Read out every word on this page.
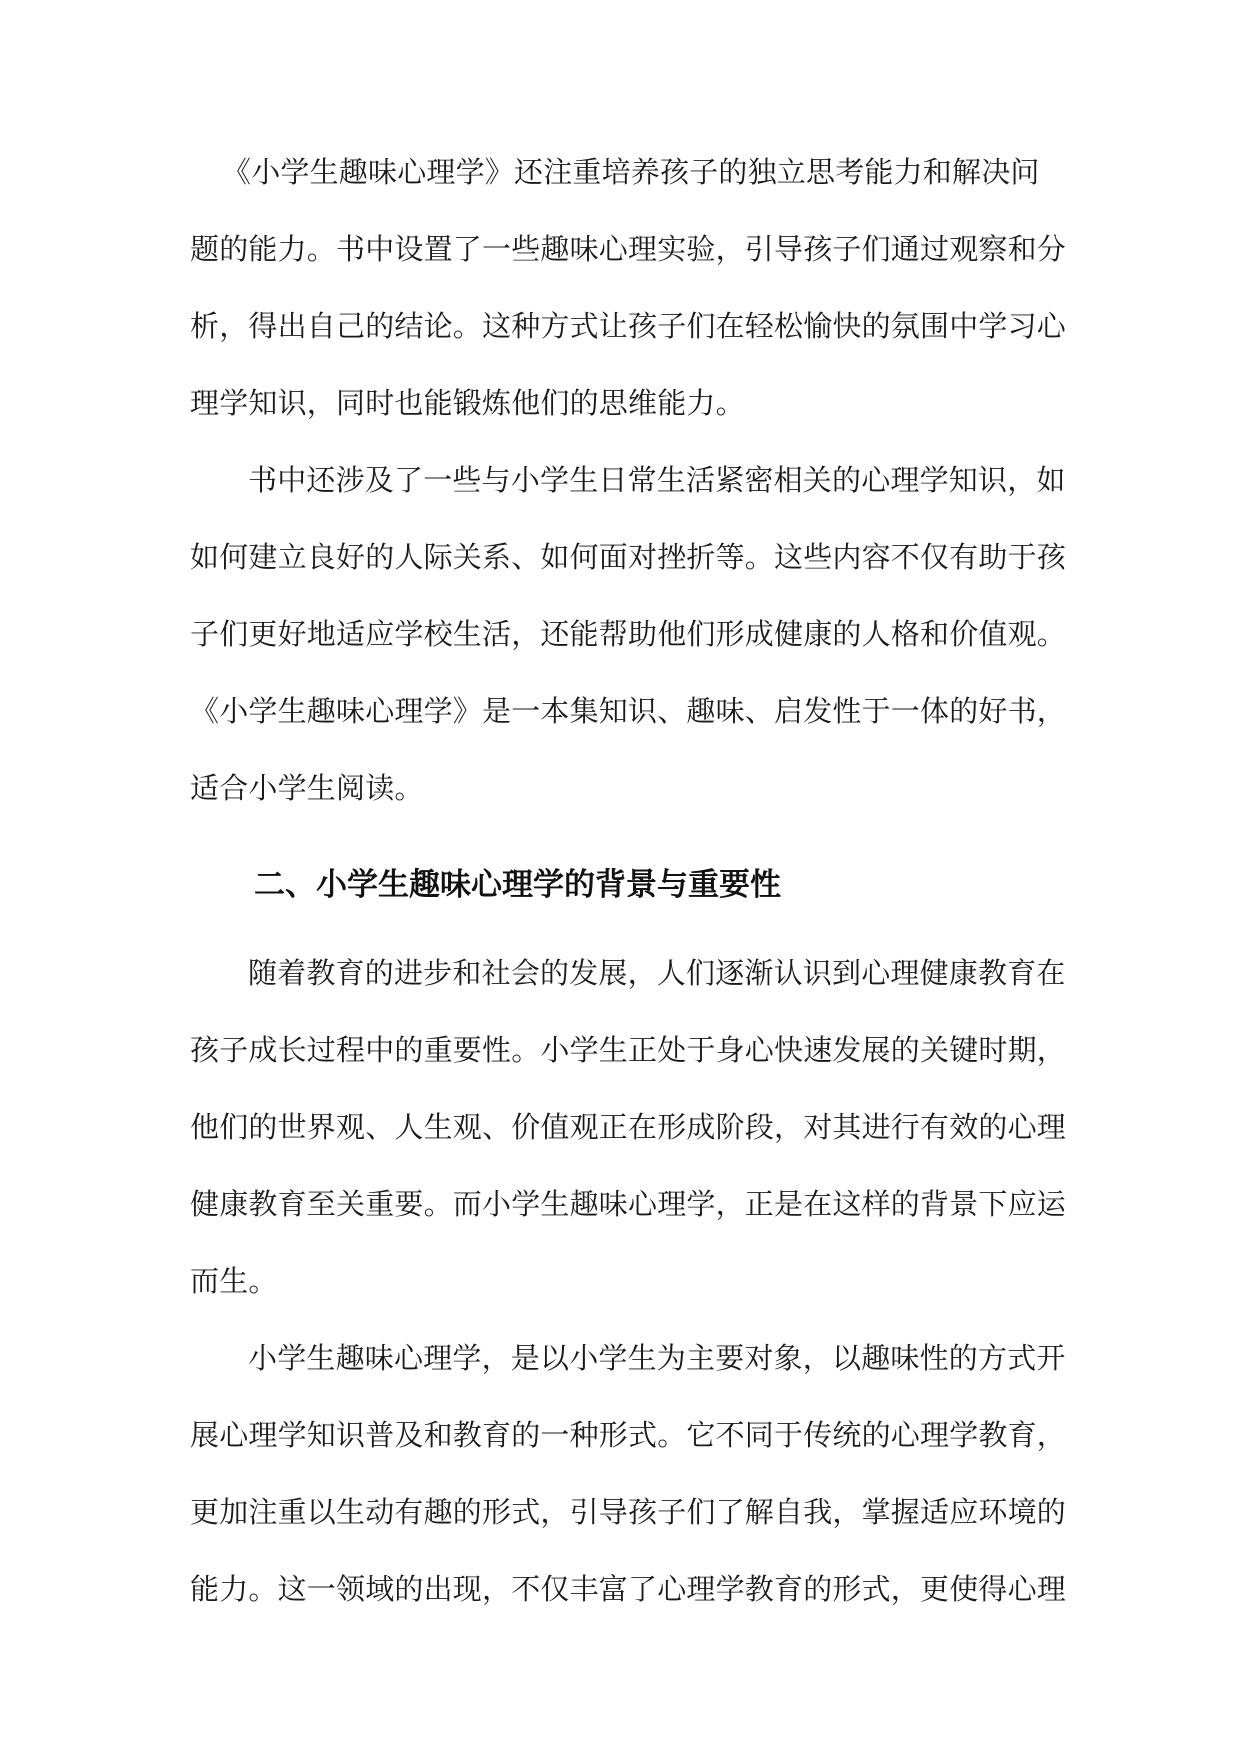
《小学生趣味心理学》还注重培养孩子的独立思考能力和解决问
题的能力。书中设置了一些趣味心理实验，引导孩子们通过观察和分
析，得出自己的结论。这种方式让孩子们在轻松愉快的氛围中学习心
理学知识，同时也能锻炼他们的思维能力。
书中还涉及了一些与小学生日常生活紧密相关的心理学知识，如
如何建立良好的人际关系、如何面对挫折等。这些内容不仅有助于孩
子们更好地适应学校生活，还能帮助他们形成健康的人格和价值观。
《小学生趣味心理学》是一本集知识、趣味、启发性于一体的好书，
适合小学生阅读。
二、小学生趣味心理学的背景与重要性
随着教育的进步和社会的发展，人们逐渐认识到心理健康教育在
孩子成长过程中的重要性。小学生正处于身心快速发展的关键时期，
他们的世界观、人生观、价值观正在形成阶段，对其进行有效的心理
健康教育至关重要。而小学生趣味心理学，正是在这样的背景下应运
而生。
小学生趣味心理学，是以小学生为主要对象，以趣味性的方式开
展心理学知识普及和教育的一种形式。它不同于传统的心理学教育，
更加注重以生动有趣的形式，引导孩子们了解自我，掌握适应环境的
能力。这一领域的出现，不仅丰富了心理学教育的形式，更使得心理
